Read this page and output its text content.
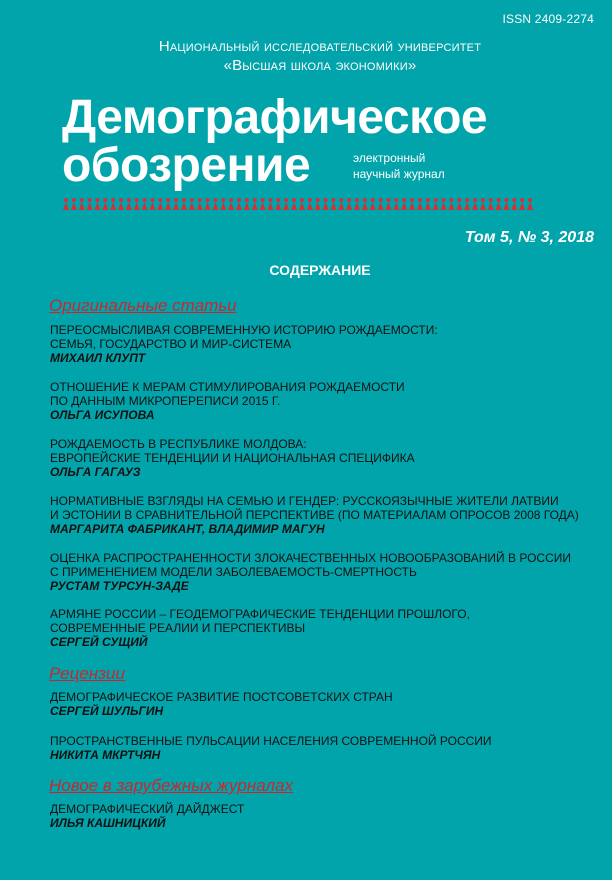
ISSN 2409-2274
Национальный исследовательский университет
«Высшая школа экономики»
Демографическое
обозрение	электронный
научный журнал
Том 5, № 3, 2018
СОДЕРЖАНИЕ
Оригинальные статьи
ПЕРЕОСМЫСЛИВАЯ СОВРЕМЕННУЮ ИСТОРИЮ РОЖДАЕМОСТИ:
СЕМЬЯ, ГОСУДАРСТВО И МИР-СИСТЕМА
МИХАИЛ КЛУПТ
ОТНОШЕНИЕ К МЕРАМ СТИМУЛИРОВАНИЯ РОЖДАЕМОСТИ
ПО ДАННЫМ МИКРОПЕРЕПИСИ 2015 Г.
ОЛЬГА ИСУПОВА
РОЖДАЕМОСТЬ В РЕСПУБЛИКЕ МОЛДОВА:
ЕВРОПЕЙСКИЕ ТЕНДЕНЦИИ И НАЦИОНАЛЬНАЯ СПЕЦИФИКА
ОЛЬГА ГАГАУЗ
НОРМАТИВНЫЕ ВЗГЛЯДЫ НА СЕМЬЮ И ГЕНДЕР: РУССКОЯЗЫЧНЫЕ ЖИТЕЛИ ЛАТВИИ
И ЭСТОНИИ В СРАВНИТЕЛЬНОЙ ПЕРСПЕКТИВЕ (ПО МАТЕРИАЛАМ ОПРОСОВ 2008 ГОДА)
МАРГАРИТА ФАБРИКАНТ, ВЛАДИМИР МАГУН
ОЦЕНКА РАСПРОСТРАНЕННОСТИ ЗЛОКАЧЕСТВЕННЫХ НОВООБРАЗОВАНИЙ В РОССИИ
С ПРИМЕНЕНИЕМ МОДЕЛИ ЗАБОЛЕВАЕМОСТЬ-СМЕРТНОСТЬ
РУСТАМ ТУРСУН-ЗАДЕ
АРМЯНЕ РОССИИ – ГЕОДЕМОГРАФИЧЕСКИЕ ТЕНДЕНЦИИ ПРОШЛОГО,
СОВРЕМЕННЫЕ РЕАЛИИ И ПЕРСПЕКТИВЫ
СЕРГЕЙ СУЩИЙ
Рецензии
ДЕМОГРАФИЧЕСКОЕ РАЗВИТИЕ ПОСТСОВЕТСКИХ СТРАН
СЕРГЕЙ ШУЛЬГИН
ПРОСТРАНСТВЕННЫЕ ПУЛЬСАЦИИ НАСЕЛЕНИЯ СОВРЕМЕННОЙ РОССИИ
НИКИТА МКРТЧЯН
Новое в зарубежных журналах
ДЕМОГРАФИЧЕСКИЙ ДАЙДЖЕСТ
ИЛЬЯ КАШНИЦКИЙ
